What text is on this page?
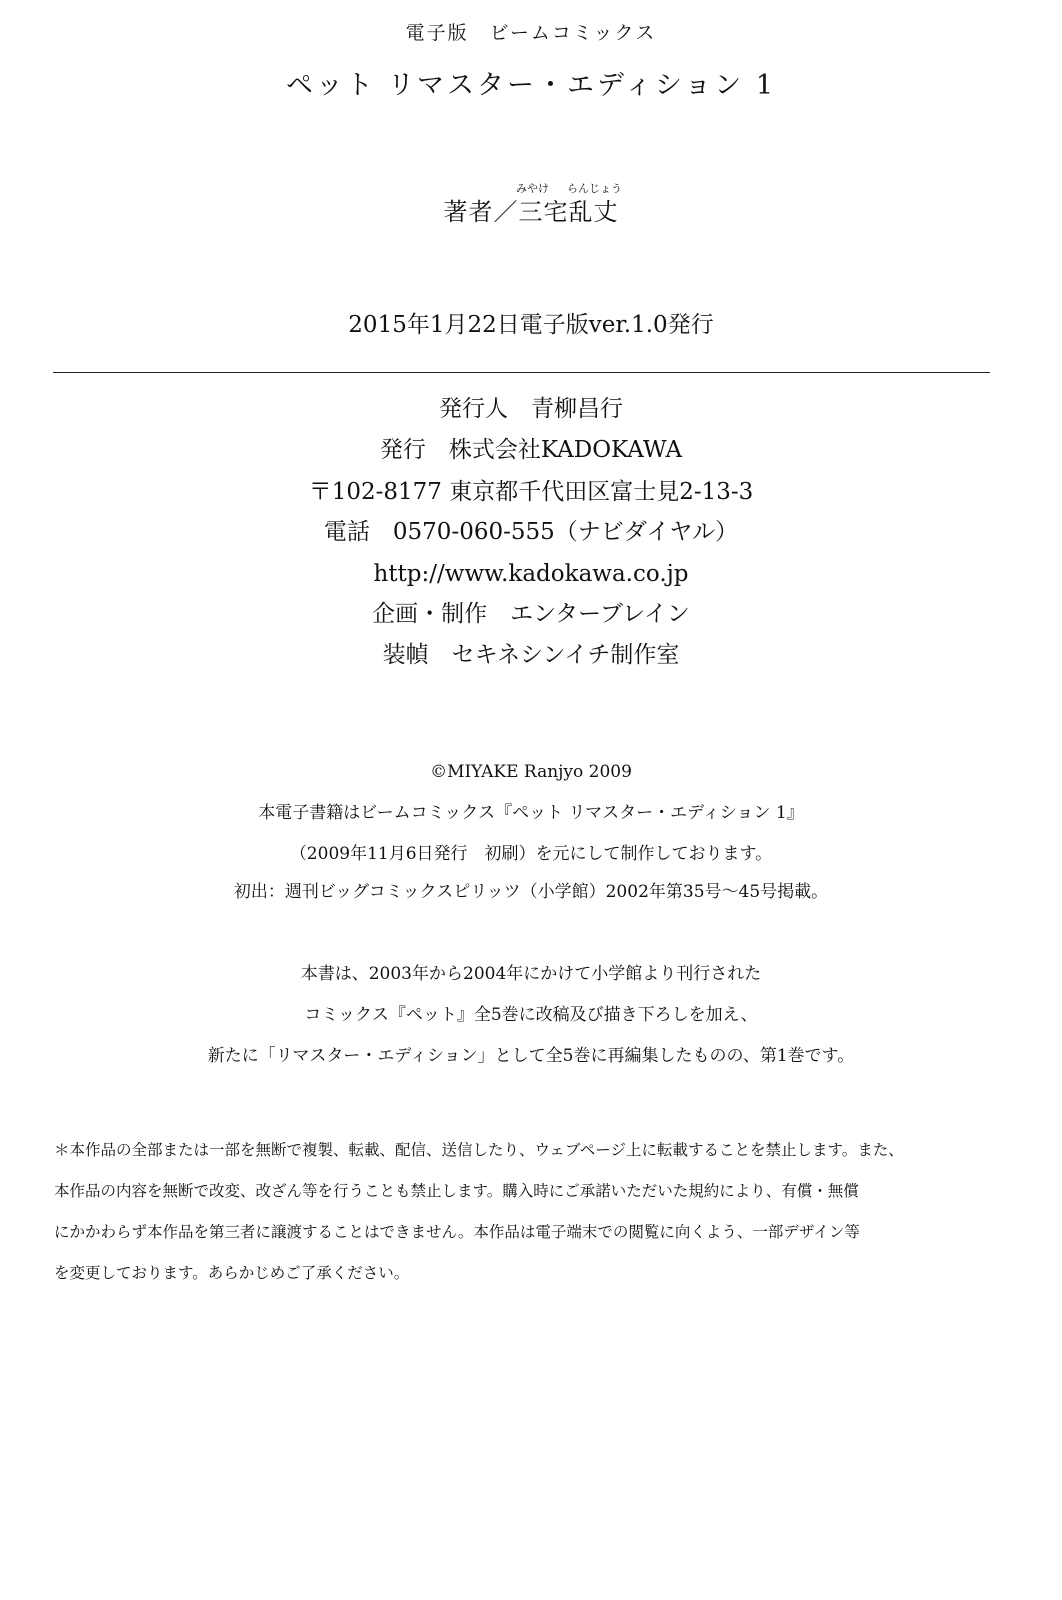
電子版　ビームコミックス
ペット リマスター・エディション 1
みやけ らんじょう
著者／三宅乱丈
2015年1月22日電子版ver.1.0発行
発行人　青柳昌行
発行　株式会社KADOKAWA
〒102-8177 東京都千代田区富士見2-13-3
電話　0570-060-555（ナビダイヤル）
http://www.kadokawa.co.jp
企画・制作　エンターブレイン
装幀　セキネシンイチ制作室
©MIYAKE Ranjyo 2009
本電子書籍はビームコミックス『ペット リマスター・エディション 1』
（2009年11月6日発行　初刷）を元にして制作しております。
初出：週刊ビッグコミックスピリッツ（小学館）2002年第35号～45号掲載。
本書は、2003年から2004年にかけて小学館より刊行された
コミックス『ペット』全5巻に改稿及び描き下ろしを加え、
新たに「リマスター・エディション」として全5巻に再編集したものの、第1巻です。
＊本作品の全部または一部を無断で複製、転載、配信、送信したり、ウェブページ上に転載することを禁止します。また、
本作品の内容を無断で改変、改ざん等を行うことも禁止します。購入時にご承諾いただいた規約により、有償・無償
にかかわらず本作品を第三者に譲渡することはできません。本作品は電子端末での閲覧に向くよう、一部デザイン等
を変更しております。あらかじめご了承ください。
